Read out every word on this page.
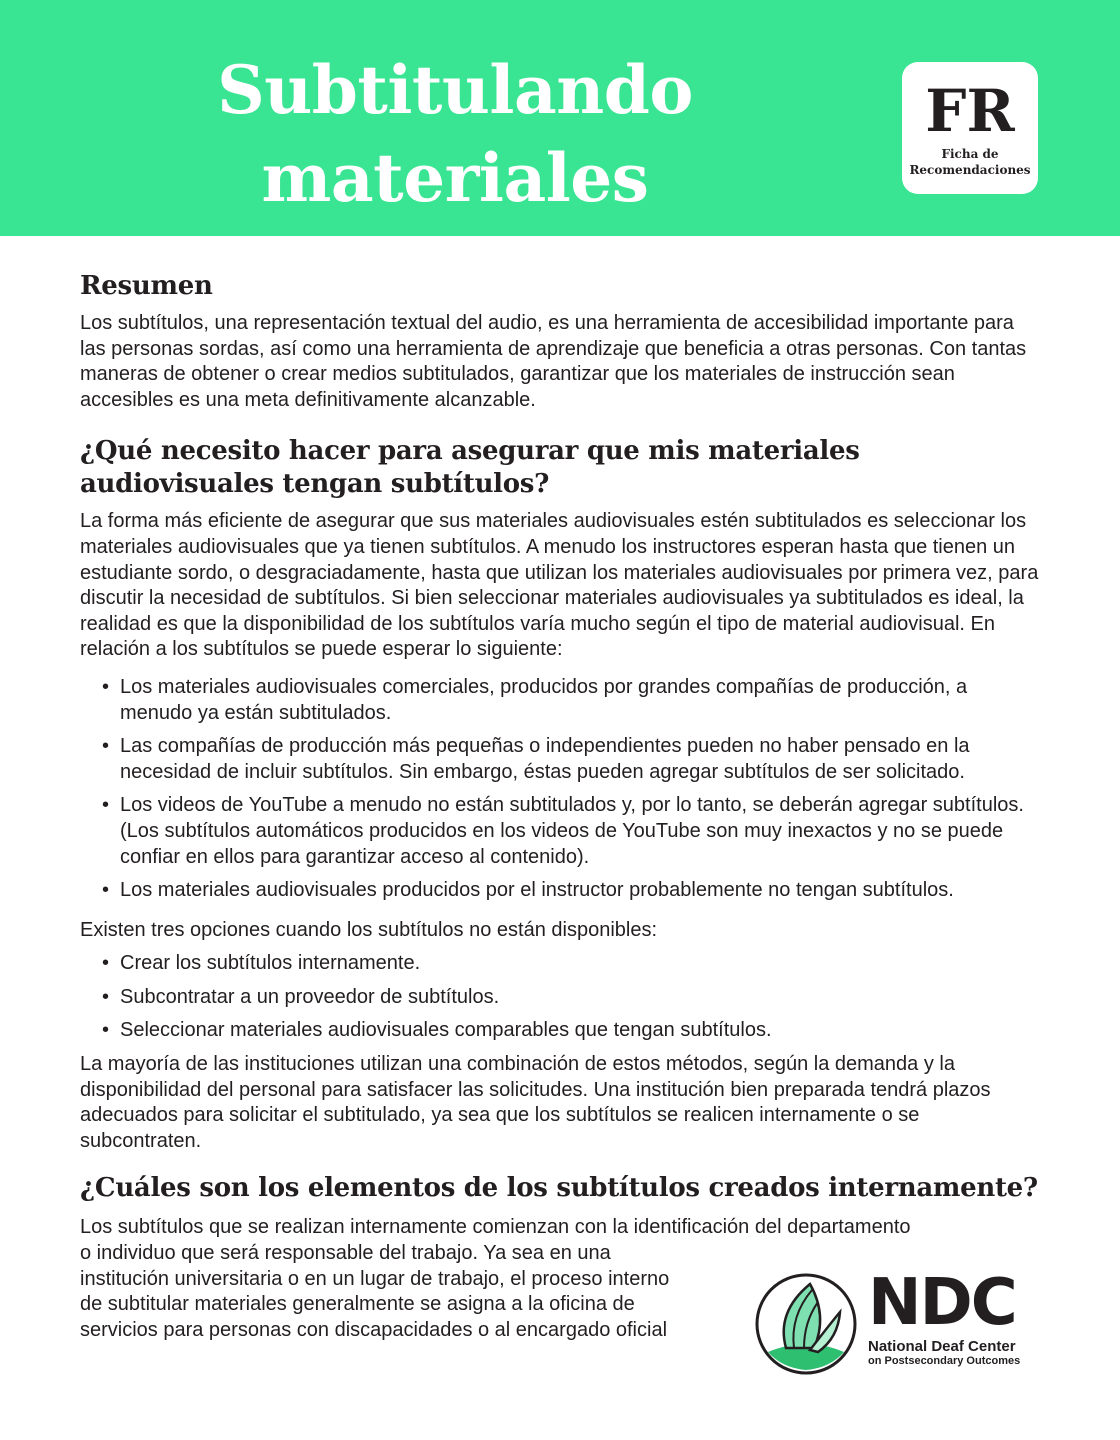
Subtitulando
materiales
FR
Ficha de
Recomendaciones
Resumen

Los subtítulos, una representación textual del audio, es una herramienta de accesibilidad importante para las personas sordas, así como una herramienta de aprendizaje que beneficia a otras personas. Con tantas maneras de obtener o crear medios subtitulados, garantizar que los materiales de instrucción sean accesibles es una meta definitivamente alcanzable.

¿Qué necesito hacer para asegurar que mis materiales audiovisuales tengan subtítulos?

La forma más eficiente de asegurar que sus materiales audiovisuales estén subtitulados es seleccionar los materiales audiovisuales que ya tienen subtítulos. A menudo los instructores esperan hasta que tienen un estudiante sordo, o desgraciadamente, hasta que utilizan los materiales audiovisuales por primera vez, para discutir la necesidad de subtítulos. Si bien seleccionar materiales audiovisuales ya subtitulados es ideal, la realidad es que la disponibilidad de los subtítulos varía mucho según el tipo de material audiovisual. En relación a los subtítulos se puede esperar lo siguiente:

• Los materiales audiovisuales comerciales, producidos por grandes compañías de producción, a menudo ya están subtitulados.
• Las compañías de producción más pequeñas o independientes pueden no haber pensado en la necesidad de incluir subtítulos. Sin embargo, éstas pueden agregar subtítulos de ser solicitado.
• Los videos de YouTube a menudo no están subtitulados y, por lo tanto, se deberán agregar subtítulos. (Los subtítulos automáticos producidos en los videos de YouTube son muy inexactos y no se puede confiar en ellos para garantizar acceso al contenido).
• Los materiales audiovisuales producidos por el instructor probablemente no tengan subtítulos.

Existen tres opciones cuando los subtítulos no están disponibles:

• Crear los subtítulos internamente.
• Subcontratar a un proveedor de subtítulos.
• Seleccionar materiales audiovisuales comparables que tengan subtítulos.

La mayoría de las instituciones utilizan una combinación de estos métodos, según la demanda y la disponibilidad del personal para satisfacer las solicitudes. Una institución bien preparada tendrá plazos adecuados para solicitar el subtitulado, ya sea que los subtítulos se realicen internamente o se subcontraten.

¿Cuáles son los elementos de los subtítulos creados internamente?
Los subtítulos que se realizan internamente comienzan con la identificación del departamento
o individuo que será responsable del trabajo. Ya sea en una
institución universitaria o en un lugar de trabajo, el proceso interno
de subtitular materiales generalmente se asigna a la oficina de
servicios para personas con discapacidades o al encargado oficial	NDC
National Deaf Center
on Postsecondary Outcomes
